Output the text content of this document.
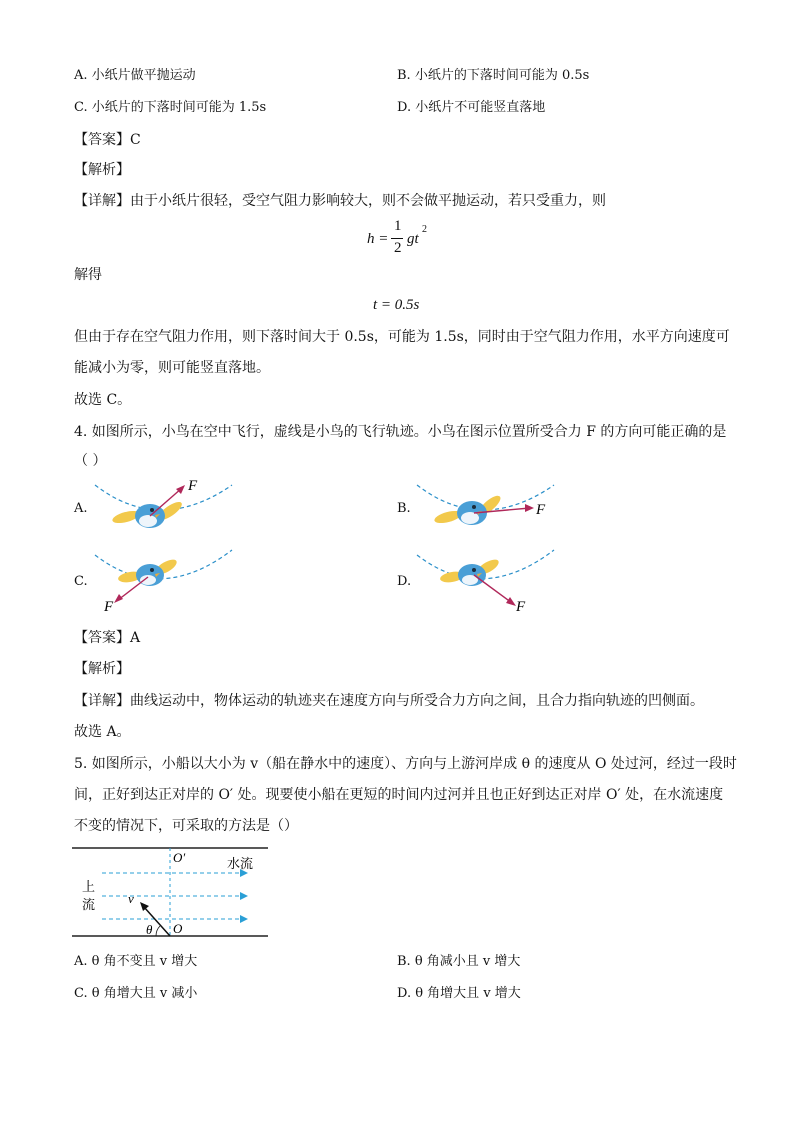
A. 小纸片做平抛运动	B. 小纸片的下落时间可能为 0.5s
C. 小纸片的下落时间可能为 1.5s	D. 小纸片不可能竖直落地
【答案】C
【解析】
【详解】由于小纸片很轻，受空气阻力影响较大，则不会做平抛运动，若只受重力，则
h =
1
2
gt
2
解得
t = 0.5s
但由于存在空气阻力作用，则下落时间大于 0.5s，可能为 1.5s，同时由于空气阻力作用，水平方向速度可
能减小为零，则可能竖直落地。
故选 C。
4. 如图所示，小鸟在空中飞行，虚线是小鸟的飞行轨迹。小鸟在图示位置所受合力 F 的方向可能正确的是
（ ）
A.
F
B.	F
C.
F
D.
F
【答案】A
【解析】
【详解】曲线运动中，物体运动的轨迹夹在速度方向与所受合力方向之间，且合力指向轨迹的凹侧面。
故选 A。
5. 如图所示，小船以大小为 v（船在静水中的速度）、方向与上游河岸成 θ 的速度从 O 处过河，经过一段时
间，正好到达正对岸的 O′ 处。现要使小船在更短的时间内过河并且也正好到达正对岸 O′ 处，在水流速度
不变的情况下，可采取的方法是（）
O′	水流
上
流	v
θ O
A. θ 角不变且 v 增大	B. θ 角减小且 v 增大
C. θ 角增大且 v 减小	D. θ 角增大且 v 增大
